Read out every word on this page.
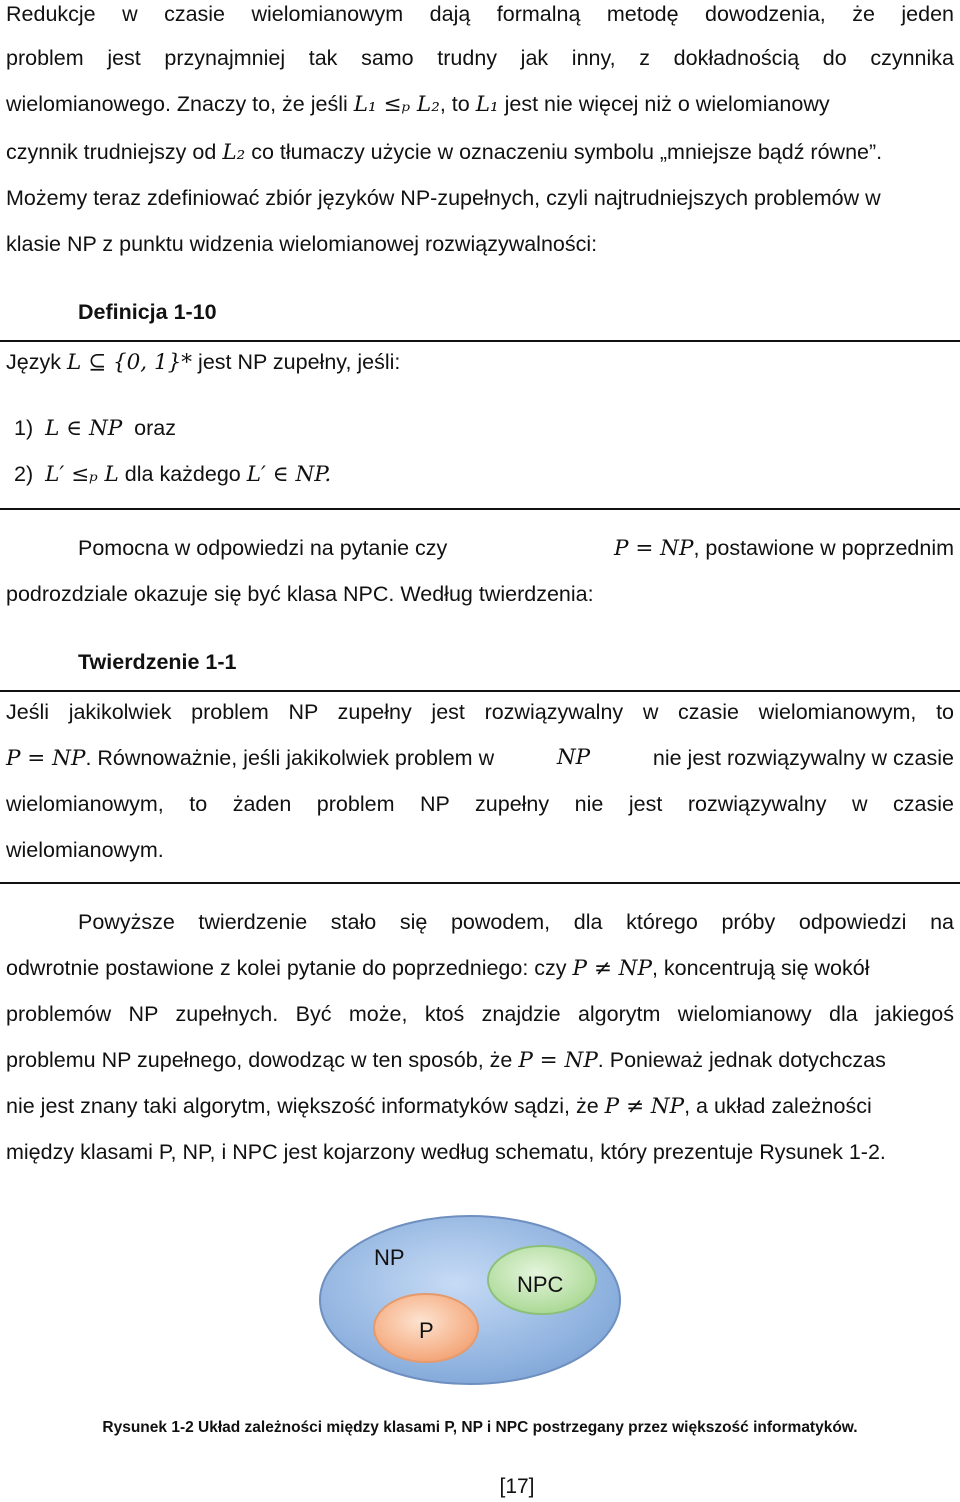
Redukcje w czasie wielomianowym dają formalną metodę dowodzenia, że jeden
problem jest przynajmniej tak samo trudny jak inny, z dokładnością do czynnika
wielomianowego. Znaczy to, że jeśli L₁ ≤ₚ L₂, to L₁ jest nie więcej niż o wielomianowy
czynnik trudniejszy od L₂ co tłumaczy użycie w oznaczeniu symbolu „mniejsze bądź równe”.
Możemy teraz zdefiniować zbiór języków NP-zupełnych, czyli najtrudniejszych problemów w
klasie NP z punktu widzenia wielomianowej rozwiązywalności:
Definicja 1-10
Język L ⊆ {0, 1}* jest NP zupełny, jeśli:
1) L ∈ NP oraz
2) L′ ≤ₚ L dla każdego L′ ∈ NP.
Pomocna w odpowiedzi na pytanie czy	P = NP, postawione w poprzednim
podrozdziale okazuje się być klasa NPC. Według twierdzenia:
Twierdzenie 1-1
Jeśli jakikolwiek problem NP zupełny jest rozwiązywalny w czasie wielomianowym, to
P = NP. Równoważnie, jeśli jakikolwiek problem w	NP	nie jest rozwiązywalny w czasie
wielomianowym, to żaden problem NP zupełny nie jest rozwiązywalny w czasie
wielomianowym.
Powyższe twierdzenie stało się powodem, dla którego próby odpowiedzi na
odwrotnie postawione z kolei pytanie do poprzedniego: czy P ≠ NP, koncentrują się wokół
problemów NP zupełnych. Być może, ktoś znajdzie algorytm wielomianowy dla jakiegoś
problemu NP zupełnego, dowodząc w ten sposób, że P = NP. Ponieważ jednak dotychczas
nie jest znany taki algorytm, większość informatyków sądzi, że P ≠ NP, a układ zależności
między klasami P, NP, i NPC jest kojarzony według schematu, który prezentuje Rysunek 1-2.
NP
NPC
P
Rysunek 1-2 Układ zależności między klasami P, NP i NPC postrzegany przez większość informatyków.
[17]
